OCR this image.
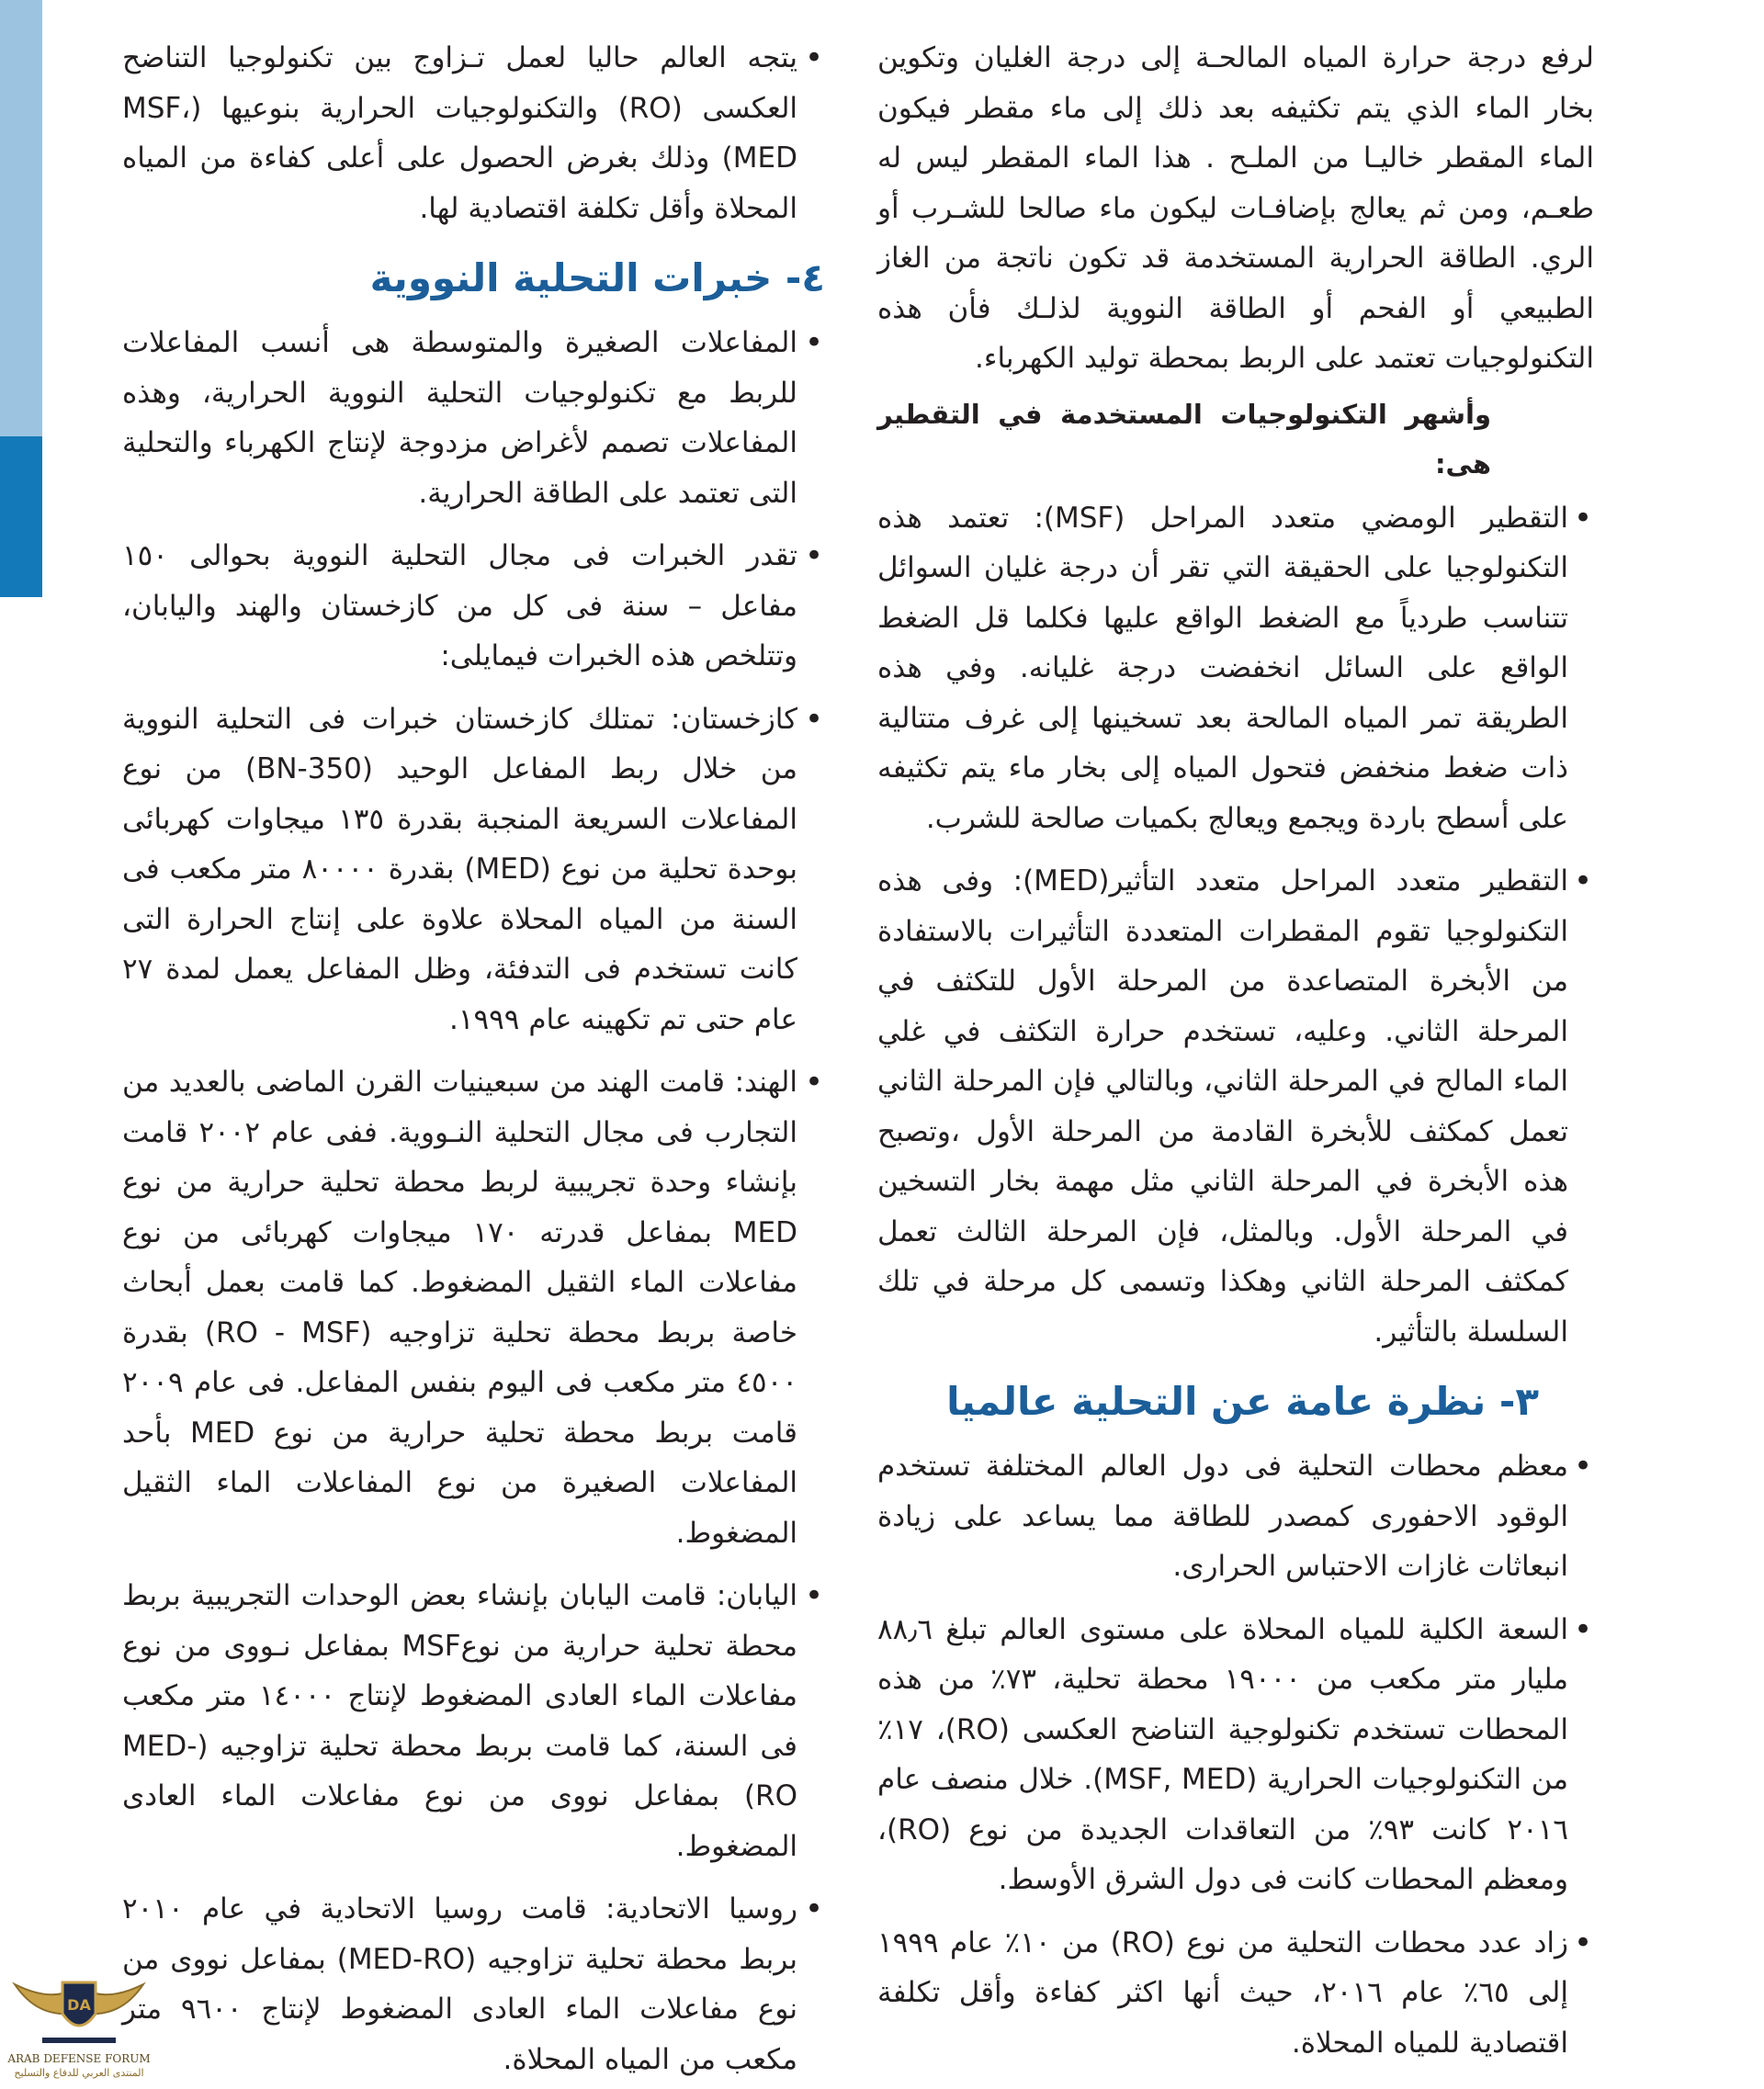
لرفع درجة حرارة المياه المالحـة إلى درجة الغليان وتكوين بخار الماء الذي يتم تكثيفه بعد ذلك إلى ماء مقطر فيكون الماء المقطر خاليـا من الملـح . هذا الماء المقطر ليس له طعـم، ومن ثم يعالج بإضافـات ليكون ماء صالحا للشـرب أو الري. الطاقة الحرارية المستخدمة قد تكون ناتجة من الغاز الطبيعي أو الفحم أو الطاقة النووية لذلـك فأن هذه التكنولوجيات تعتمد على الربط بمحطة توليد الكهرباء.

وأشهر التكنولوجيات المستخدمة في التقطير هى:

• التقطير الومضي متعدد المراحل (MSF): تعتمد هذه التكنولوجيا على الحقيقة التي تقر أن درجة غليان السوائل تتناسب طردياً مع الضغط الواقع عليها فكلما قل الضغط الواقع على السائل انخفضت درجة غليانه. وفي هذه الطريقة تمر المياه المالحة بعد تسخينها إلى غرف متتالية ذات ضغط منخفض فتحول المياه إلى بخار ماء يتم تكثيفه على أسطح باردة ويجمع ويعالج بكميات صالحة للشرب.

• التقطير متعدد المراحل متعدد التأثير(MED): وفى هذه التكنولوجيا تقوم المقطرات المتعددة التأثيرات بالاستفادة من الأبخرة المتصاعدة من المرحلة الأول للتكثف في المرحلة الثاني. وعليه، تستخدم حرارة التكثف في غلي الماء المالح في المرحلة الثاني، وبالتالي فإن المرحلة الثاني تعمل كمكثف للأبخرة القادمة من المرحلة الأول ،وتصبح هذه الأبخرة في المرحلة الثاني مثل مهمة بخار التسخين في المرحلة الأول. وبالمثل، فإن المرحلة الثالث تعمل كمكثف المرحلة الثاني وهكذا وتسمى كل مرحلة في تلك السلسلة بالتأثير.

٣- نظرة عامة عن التحلية عالميا

• معظم محطات التحلية فى دول العالم المختلفة تستخدم الوقود الاحفورى كمصدر للطاقة مما يساعد على زيادة انبعاثات غازات الاحتباس الحرارى.

• السعة الكلية للمياه المحلاة على مستوى العالم تبلغ ٨٨٫٦ مليار متر مكعب من ١٩٠٠٠ محطة تحلية، ٧٣٪ من هذه المحطات تستخدم تكنولوجية التناضح العكسى (RO)، ١٧٪ من التكنولوجيات الحرارية (MSF, MED). خلال منصف عام ٢٠١٦ كانت ٩٣٪ من التعاقدات الجديدة من نوع (RO)، ومعظم المحطات كانت فى دول الشرق الأوسط.

• زاد عدد محطات التحلية من نوع (RO) من ١٠٪ عام ١٩٩٩ إلى ٦٥٪ عام ٢٠١٦، حيث أنها اكثر كفاءة وأقل تكلفة اقتصادية للمياه المحلاة.

• يتجه العالم حاليا لعمل تـزاوج بين تكنولوجيا التناضح العكسى (RO) والتكنولوجيات الحرارية بنوعيها (MSF، MED) وذلك بغرض الحصول على أعلى كفاءة من المياه المحلاة وأقل تكلفة اقتصادية لها.

٤- خبرات التحلية النووية

• المفاعلات الصغيرة والمتوسطة هى أنسب المفاعلات للربط مع تكنولوجيات التحلية النووية الحرارية، وهذه المفاعلات تصمم لأغراض مزدوجة لإنتاج الكهرباء والتحلية التى تعتمد على الطاقة الحرارية.

• تقدر الخبرات فى مجال التحلية النووية بحوالى ١٥٠ مفاعل – سنة فى كل من كازخستان والهند واليابان، وتتلخص هذه الخبرات فيمايلى:

• كازخستان: تمتلك كازخستان خبرات فى التحلية النووية من خلال ربط المفاعل الوحيد (BN-350) من نوع المفاعلات السريعة المنجبة بقدرة ١٣٥ ميجاوات كهربائى بوحدة تحلية من نوع (MED) بقدرة ٨٠٠٠٠ متر مكعب فى السنة من المياه المحلاة علاوة على إنتاج الحرارة التى كانت تستخدم فى التدفئة، وظل المفاعل يعمل لمدة ٢٧ عام حتى تم تكهينه عام ١٩٩٩.

• الهند: قامت الهند من سبعينيات القرن الماضى بالعديد من التجارب فى مجال التحلية النـووية. ففى عام ٢٠٠٢ قامت بإنشاء وحدة تجريبية لربط محطة تحلية حرارية من نوع MED بمفاعل قدرته ١٧٠ ميجاوات كهربائى من نوع مفاعلات الماء الثقيل المضغوط. كما قامت بعمل أبحاث خاصة بربط محطة تحلية تزاوجيه (RO - MSF) بقدرة ٤٥٠٠ متر مكعب فى اليوم بنفس المفاعل. فى عام ٢٠٠٩ قامت بربط محطة تحلية حرارية من نوع MED بأحد المفاعلات الصغيرة من نوع المفاعلات الماء الثقيل المضغوط.

• اليابان: قامت اليابان بإنشاء بعض الوحدات التجريبية بربط محطة تحلية حرارية من نوعMSF بمفاعل نـووى من نوع مفاعلات الماء العادى المضغوط لإنتاج ١٤٠٠٠ متر مكعب فى السنة، كما قامت بربط محطة تحلية تزاوجيه (MED-RO) بمفاعل نووى من نوع مفاعلات الماء العادى المضغوط.

• روسيا الاتحادية: قامت روسيا الاتحادية في عام ٢٠١٠ بربط محطة تحلية تزاوجيه (MED-RO) بمفاعل نووى من نوع مفاعلات الماء العادى المضغوط لإنتاج ٩٦٠٠ متر مكعب من المياه المحلاة.

DA
ARAB DEFENSE FORUM
المنتدى العربي للدفاع والتسليح
